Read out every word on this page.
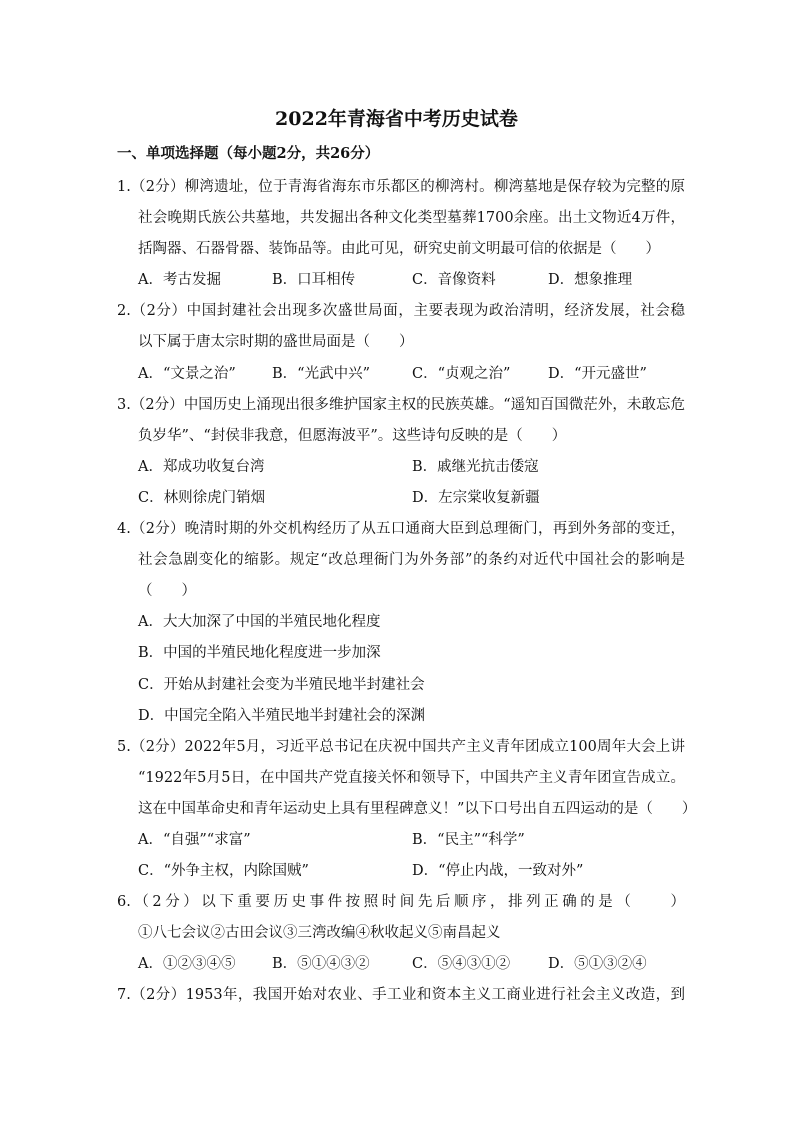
2022年青海省中考历史试卷
一、单项选择题（每小题2分，共26分）
1.（2分）柳湾遗址，位于青海省海东市乐都区的柳湾村。柳湾墓地是保存较为完整的原
社会晚期氏族公共墓地，共发掘出各种文化类型墓葬1700余座。出土文物近4万件，
括陶器、石器骨器、装饰品等。由此可见，研究史前文明最可信的依据是（　　）
A．考古发掘	B．口耳相传	C．音像资料	D．想象推理
2.（2分）中国封建社会出现多次盛世局面，主要表现为政治清明，经济发展，社会稳
以下属于唐太宗时期的盛世局面是（　　）
A．“文景之治” B．“光武中兴”	C．“贞观之治”	D．“开元盛世”
3.（2分）中国历史上涌现出很多维护国家主权的民族英雄。“遥知百国微茫外，未敢忘危
负岁华”、“封侯非我意，但愿海波平”。这些诗句反映的是（　　）
A．郑成功收复台湾	B．戚继光抗击倭寇
C．林则徐虎门销烟	D．左宗棠收复新疆
4.（2分）晚清时期的外交机构经历了从五口通商大臣到总理衙门，再到外务部的变迁，
社会急剧变化的缩影。规定“改总理衙门为外务部”的条约对近代中国社会的影响是
（　　）
A．大大加深了中国的半殖民地化程度
B．中国的半殖民地化程度进一步加深
C．开始从封建社会变为半殖民地半封建社会
D．中国完全陷入半殖民地半封建社会的深渊
5.（2分）2022年5月，习近平总书记在庆祝中国共产主义青年团成立100周年大会上讲
“1922年5月5日，在中国共产党直接关怀和领导下，中国共产主义青年团宣告成立。
这在中国革命史和青年运动史上具有里程碑意义！”以下口号出自五四运动的是（　　）
A．“自强”“求富”	B．“民主”“科学”
C．“外争主权，内除国贼”	D．“停止内战，一致对外”
6.（2分）以下重要历史事件按照时间先后顺序，排列正确的是（　　）
①八七会议②古田会议③三湾改编④秋收起义⑤南昌起义
A．①②③④⑤	B．⑤①④③②	C．⑤④③①②	D．⑤①③②④
7.（2分）1953年，我国开始对农业、手工业和资本主义工商业进行社会主义改造，到
